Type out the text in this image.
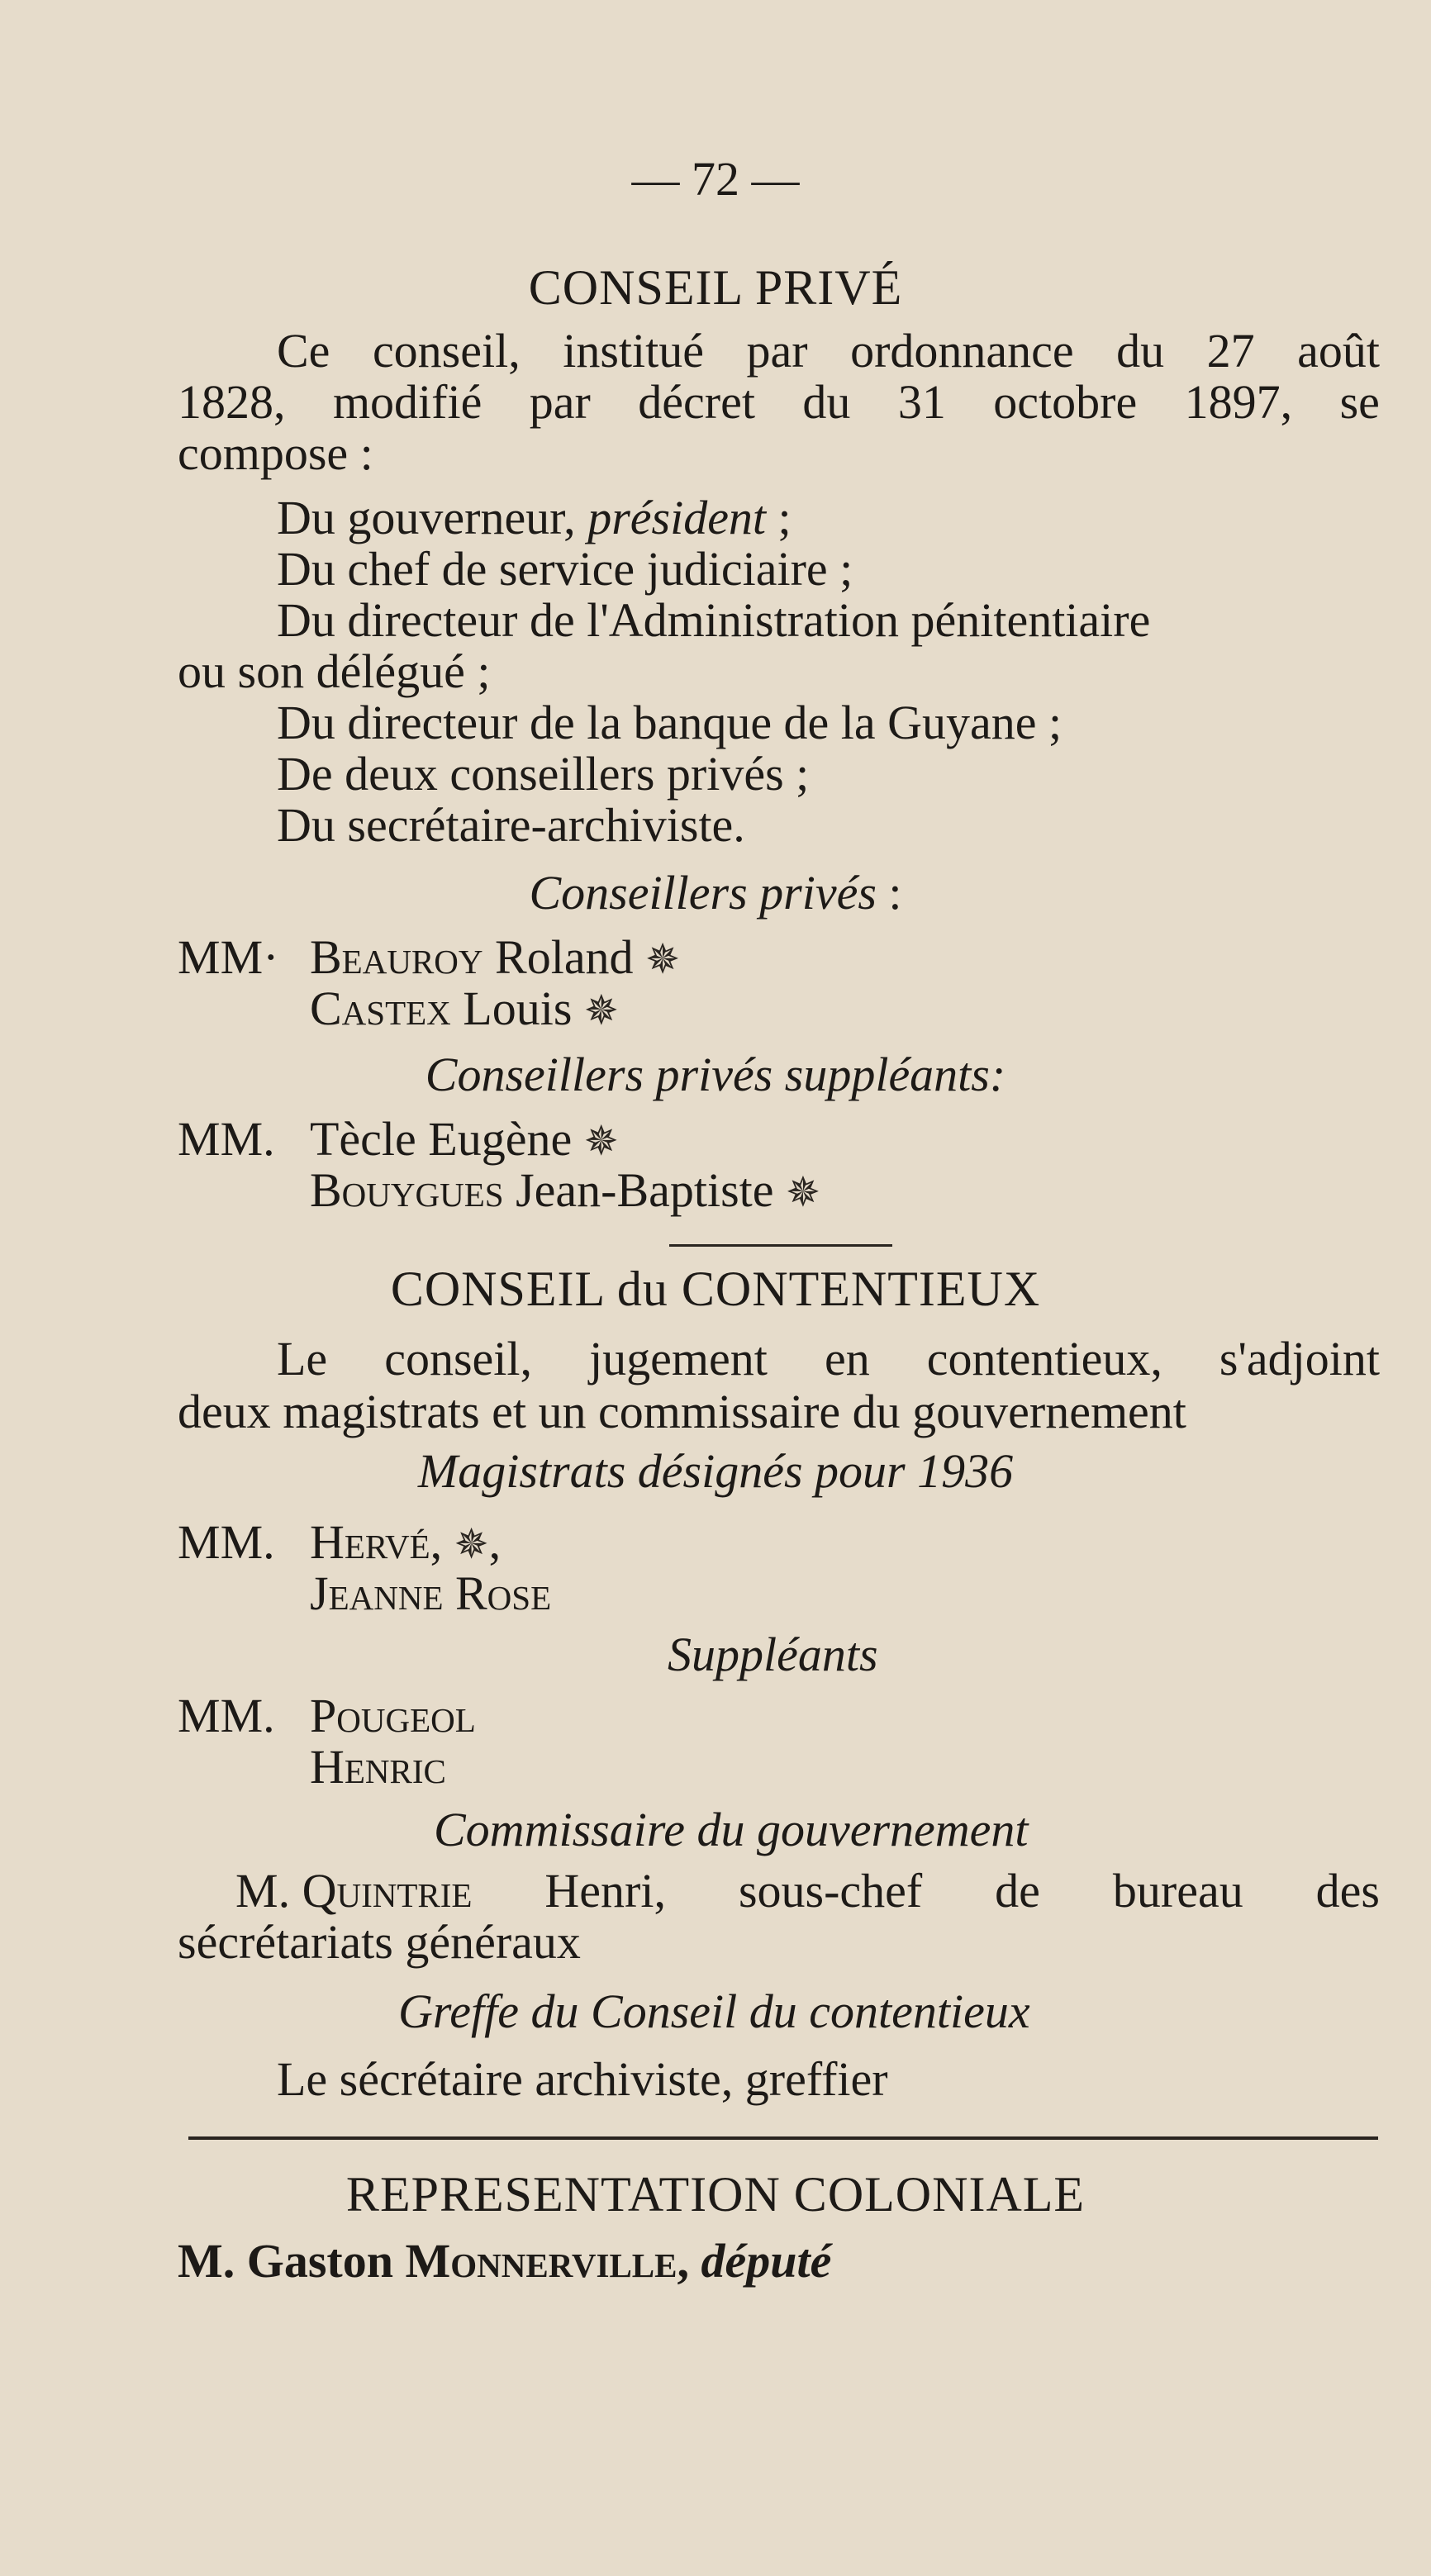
— 72 —
CONSEIL PRIVÉ
Ce conseil, institué par ordonnance du 27 août
1828, modifié par décret du 31 octobre 1897, se
compose :
Du gouverneur, président ;
Du chef de service judiciaire ;
Du directeur de l'Administration pénitentiaire
ou son délégué ;
Du directeur de la banque de la Guyane ;
De deux conseillers privés ;
Du secrétaire-archiviste.
Conseillers privés :
MM· Beauroy Roland ✵
Castex Louis ✵
Conseillers privés suppléants:
MM. Tècle Eugène ✵
Bouygues Jean-Baptiste ✵
CONSEIL du CONTENTIEUX
Le conseil, jugement en contentieux, s'adjoint
deux magistrats et un commissaire du gouvernement
Magistrats désignés pour 1936
MM. Hervé, ✵,
Jeanne Rose
Suppléants
MM. Pougeol
Henric
Commissaire du gouvernement
M. Quintrie Henri, sous-chef de bureau des
sécrétariats généraux
Greffe du Conseil du contentieux
Le sécrétaire archiviste, greffier
REPRESENTATION COLONIALE
M. Gaston Monnerville, député
